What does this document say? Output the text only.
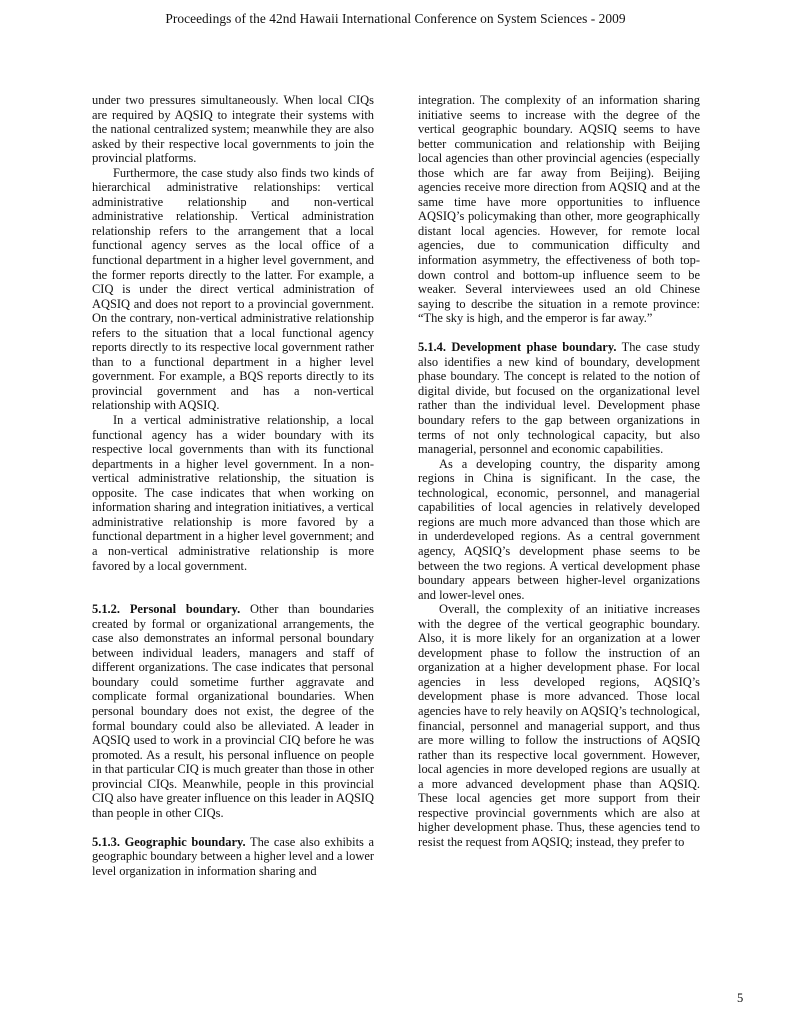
Proceedings of the 42nd Hawaii International Conference on System Sciences - 2009

under two pressures simultaneously. When local CIQs are required by AQSIQ to integrate their systems with the national centralized system; meanwhile they are also asked by their respective local governments to join the provincial platforms.

Furthermore, the case study also finds two kinds of hierarchical administrative relationships: vertical administrative relationship and non-vertical administrative relationship. Vertical administration relationship refers to the arrangement that a local functional agency serves as the local office of a functional department in a higher level government, and the former reports directly to the latter. For example, a CIQ is under the direct vertical administration of AQSIQ and does not report to a provincial government. On the contrary, non-vertical administrative relationship refers to the situation that a local functional agency reports directly to its respective local government rather than to a functional department in a higher level government. For example, a BQS reports directly to its provincial government and has a non-vertical relationship with AQSIQ.

In a vertical administrative relationship, a local functional agency has a wider boundary with its respective local governments than with its functional departments in a higher level government. In a non-vertical administrative relationship, the situation is opposite. The case indicates that when working on information sharing and integration initiatives, a vertical administrative relationship is more favored by a functional department in a higher level government; and a non-vertical administrative relationship is more favored by a local government.

5.1.2. Personal boundary. Other than boundaries created by formal or organizational arrangements, the case also demonstrates an informal personal boundary between individual leaders, managers and staff of different organizations. The case indicates that personal boundary could sometime further aggravate and complicate formal organizational boundaries. When personal boundary does not exist, the degree of the formal boundary could also be alleviated. A leader in AQSIQ used to work in a provincial CIQ before he was promoted. As a result, his personal influence on people in that particular CIQ is much greater than those in other provincial CIQs. Meanwhile, people in this provincial CIQ also have greater influence on this leader in AQSIQ than people in other CIQs.

5.1.3. Geographic boundary. The case also exhibits a geographic boundary between a higher level and a lower level organization in information sharing and

integration. The complexity of an information sharing initiative seems to increase with the degree of the vertical geographic boundary. AQSIQ seems to have better communication and relationship with Beijing local agencies than other provincial agencies (especially those which are far away from Beijing). Beijing agencies receive more direction from AQSIQ and at the same time have more opportunities to influence AQSIQ’s policymaking than other, more geographically distant local agencies. However, for remote local agencies, due to communication difficulty and information asymmetry, the effectiveness of both top-down control and bottom-up influence seem to be weaker. Several interviewees used an old Chinese saying to describe the situation in a remote province: “The sky is high, and the emperor is far away.”

5.1.4. Development phase boundary. The case study also identifies a new kind of boundary, development phase boundary. The concept is related to the notion of digital divide, but focused on the organizational level rather than the individual level. Development phase boundary refers to the gap between organizations in terms of not only technological capacity, but also managerial, personnel and economic capabilities.

As a developing country, the disparity among regions in China is significant. In the case, the technological, economic, personnel, and managerial capabilities of local agencies in relatively developed regions are much more advanced than those which are in underdeveloped regions. As a central government agency, AQSIQ’s development phase seems to be between the two regions. A vertical development phase boundary appears between higher-level organizations and lower-level ones.

Overall, the complexity of an initiative increases with the degree of the vertical geographic boundary. Also, it is more likely for an organization at a lower development phase to follow the instruction of an organization at a higher development phase. For local agencies in less developed regions, AQSIQ’s development phase is more advanced. Those local agencies have to rely heavily on AQSIQ’s technological, financial, personnel and managerial support, and thus are more willing to follow the instructions of AQSIQ rather than its respective local government. However, local agencies in more developed regions are usually at a more advanced development phase than AQSIQ. These local agencies get more support from their respective provincial governments which are also at higher development phase. Thus, these agencies tend to resist the request from AQSIQ; instead, they prefer to

5
